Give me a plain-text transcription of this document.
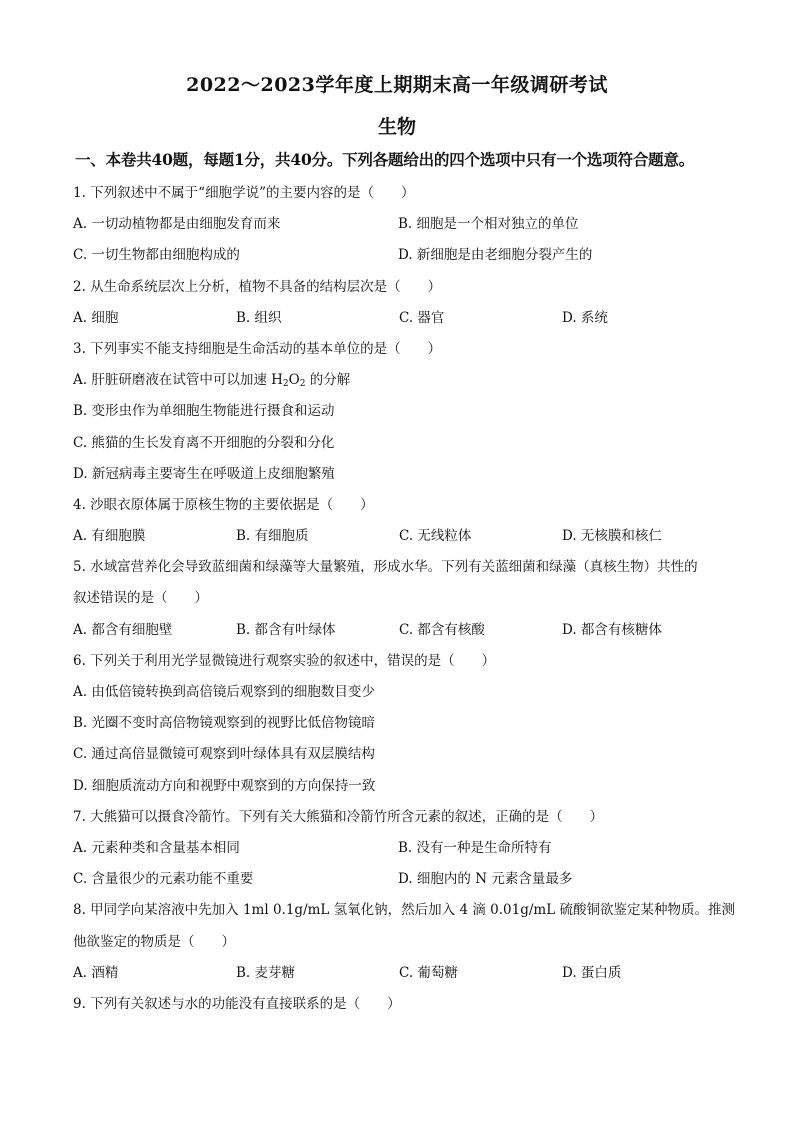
2022～2023学年度上期期末高一年级调研考试
生物
一、本卷共40题，每题1分，共40分。下列各题给出的四个选项中只有一个选项符合题意。
1. 下列叙述中不属于“细胞学说”的主要内容的是（　　）
A. 一切动植物都是由细胞发育而来	B. 细胞是一个相对独立的单位
C. 一切生物都由细胞构成的	D. 新细胞是由老细胞分裂产生的
2. 从生命系统层次上分析，植物不具备的结构层次是（　　）
A. 细胞	B. 组织	C. 器官	D. 系统
3. 下列事实不能支持细胞是生命活动的基本单位的是（　　）
A. 肝脏研磨液在试管中可以加速 $H_2O_2$ 的分解
B. 变形虫作为单细胞生物能进行摄食和运动
C. 熊猫的生长发育离不开细胞的分裂和分化
D. 新冠病毒主要寄生在呼吸道上皮细胞繁殖
4. 沙眼衣原体属于原核生物的主要依据是（　　）
A. 有细胞膜	B. 有细胞质	C. 无线粒体	D. 无核膜和核仁
5. 水域富营养化会导致蓝细菌和绿藻等大量繁殖，形成水华。下列有关蓝细菌和绿藻（真核生物）共性的
叙述错误的是（　　）
A. 都含有细胞壁	B. 都含有叶绿体	C. 都含有核酸	D. 都含有核糖体
6. 下列关于利用光学显微镜进行观察实验的叙述中，错误的是（　　）
A. 由低倍镜转换到高倍镜后观察到的细胞数目变少
B. 光圈不变时高倍物镜观察到的视野比低倍物镜暗
C. 通过高倍显微镜可观察到叶绿体具有双层膜结构
D. 细胞质流动方向和视野中观察到的方向保持一致
7. 大熊猫可以摄食冷箭竹。下列有关大熊猫和冷箭竹所含元素的叙述，正确的是（　　）
A. 元素种类和含量基本相同	B. 没有一种是生命所特有
C. 含量很少的元素功能不重要	D. 细胞内的 N 元素含量最多
8. 甲同学向某溶液中先加入 1ml 0.1g/mL 氢氧化钠，然后加入 4 滴 0.01g/mL 硫酸铜欲鉴定某种物质。推测
他欲鉴定的物质是（　　）
A. 酒精	B. 麦芽糖	C. 葡萄糖	D. 蛋白质
9. 下列有关叙述与水的功能没有直接联系的是（　　）
